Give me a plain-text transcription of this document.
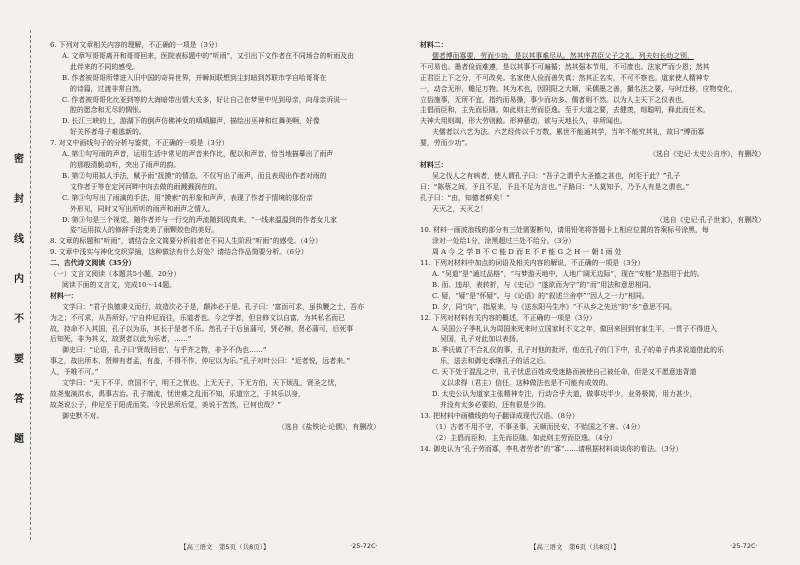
密
封
线
内
不
要
答
题

6. 下列对文章相关内容的理解，不正确的一项是（3分）

A. 文章写哥哥离开和哥哥回来，医院表标题中的“听雨”，又引出下文作者在不同场合的听雨及由

此伴来的不同的感受。

B. 作者被哥哥所带进入旧中国的奇异世界，并瞬间联想到尘封暗到苏联市学自哈哥哥在

的诗篇，过渡非常自然。

C. 作者被哥哥化比亚到等的大海暗带出情大关多，好让自己在梦里中见到母亲，向母亲诉说一

腔的愿念和无尽的惆怅。

D. 长江三峡的上，游湖下的倒声仿佛神女的嗔嗔脚声，描绘出巫神和红舞美啊，好像

好关怀者母子难逃新的。

7. 对文中画线句子的分析与鉴赏，不正确的一项是（3分）

A. 第①句写雨的声音，运用生活中常见的声音来作比，配以和声音，恰当地描摹出了雨声

的那般清脆动听，突出了雨声的韵。

B. 第②句用拟人手法，赋予雨“抚摸”的情态，不仅写出了雨声，而且表现出作者对雨的

文作者于等在定河河畔中向去做的雨溅溅润在的。

C. 第③句写出了雨滴的手法，用“摸索”的形象和声声，表现了作者于情境的那份亲

外形见，同时又写出所听的雨声和雨声之情人。

D. 第③句是三个视觉，随作者并与一行交的声流随到现真来，“一线来温温到的作者女儿家

姿”运用拟人的修辞手法变美了雨颗姣色的美好。

8. 文章的标题和“听雨”，请结合全文简要分析前者在不同人生阶段“听雨”的感受。（4分）

9. 文章中浅实与神化交织穿插，这种做法有什么好处？请结合作品简要分析。（6分）

二、古代诗文阅读（35分）

（一）文言文阅读（本题共5小题，20分）

阅读下面的文言文，完成10～14题。

材料一：

文学曰：“君子执德秉义而行，故造次必于是，颠沛必于是。孔子曰：‘富而可求，虽执鞭之士，吾亦

为之；不可求，从吾所好。’宁自仲尼而往，乐道者也。今之学者，但自修文以自富，为其私名而已

故，持命不入其国，孔子以为乐，其长于是者不乐。然孔子于后虽蒲可，贤必辩，贤必蒲可，后死事

后知死，非为其义，故贤者以此为乐者，……”

御史曰：“论语，孔子曰‘贤哉回也’，与乎齐之物，非予不伪也……”

事之，故出所本，贤辩有者孟，有盖，不得不作，仲尼以为乐。”孔子对叶公曰：“近者悦，远者来。”

人，予唯不可。”

文学曰：“天下不平，庶国不宁，明王之忧也。上无天子，下无方伯，天下烦乱，贤圣之忧，

故尧鬼演洪水，禹事吉治。孔子端流，忧世难之乱而不知，乐道宗之，于其乐以身，

故尧说公子，仲尼至于阳虎而笑。今民思所后觉，美说于苦然，已何也哉？”

御史默不对。

（选自《盐铁论·论儒》，有删改）

材料二：

儒者博而寡要，劳而少功，是以其事难尽从。然其序君臣父子之礼，列夫妇长幼之别，

不可易也。墨者俭而难遵，是以其事不可遍循；然其强本节用，不可废也。法家严而少恩；然其

正君臣上下之分，不可改矣。名家使人俭而善失真；然其正名实，不可不察也。道家使人精神专

一，动合无形，赡足万物。其为术也，因阴阳之大顺，采儒墨之善，撮名法之要，与时迁移，应物变化，

立俗施事，无所不宜，指约而易操，事少而功多。儒者则不然。以为人主天下之仪表也，

主倡而臣和，主先而臣随。如此则主劳而臣逸。至于大道之要，去健羡，绌聪明，释此而任术。

夫神大用则竭，形大劳则敝。形神骚动，欲与天地长久，非所闻也。

夫儒者以六艺为法。六艺经传以千万数，累世不能通其学，当年不能究其礼，故曰“博而寡

要，劳而少功”。

（选自《史记·太史公自序》，有删改）

材料三：

吴之伐人之有病者，使人谓孔子曰：“吾子之谓乎大圣德之甚也，何至于此？”孔子

曰：“陈蔡之间，予且不足，予且不足为言也。”子路曰：“人莫知予，乃予人有是之谓也。”

孔子曰：“由，知德者鲜矣！”

天灭之，天灭之！

（选自《史记·孔子世家》，有删改）

10. 材料一画波浪线的部分有三处需要断句，请用铅笔将答题卡上相应位置的答案标号涂黑，每

涂对一处给1分，涂黑超过三处不给分。（3分）

周 A 今 之 学 B 不 C 能 D 而 E 不 F 能 G 之 H 一 朝 I 雨 处

11. 下列对材料中加点的词语及相关内容的解说，不正确的一项是（3分）

A. “吴道”是“通过品格”，“与梦游天地中，人地广阔无边际”，现在“安能”是指用于此的。

B. 而、违却，表转折，与《史记》“遂欲而为宁”的“而”用法和意思相同。

C. 疑，“疑”是“怀疑”。与《论语》的“叙述兰舍亭”“因人之一力”相同。

D. 夕，同“向”，指原来，与《送东阳马生序》“不从乡之先达”的“乡”意思不同。

12. 下列对材料有关内容的概述，不正确的一项是（3分）

A. 吴国公子季札认为周国来死来时立国家时不文之年，做回来回到官家生平，一贯子不得进入

吴国，孔子对此加以表扬。

B. 季氏做了不合礼仪的事，孔子对他的批评，他在孔子的门下中，孔子的弟子冉求说道借此的乐

乐，送去和御史承继孔子的话之后。

C. 天下处于混乱之中，孔子忧虑百姓成受迷路而被使自己被任命，但是又不愿意违背道

义以求得（君主）信任，这种做法也是不可能有成效的。

D. 太史公认为道家主张精神专注，行动合乎大道，做事功半少，业务极简，用力甚少，

并没有太多必要的，还有很是少的。

13. 把材料中画横线的句子翻译成现代汉语。（8分）

（1）古者不用不守，不事圣事，天顺而民安，不贻国之不害。（4分）

（2）主倡而臣和，主先而臣随。如此则主劳而臣逸。（4分）

14. 御史认为“孔子劳而寡，李札者劳者”的“寡”……请根据材料谈谈你的看法。（3分）

【高三语文　第5页（共8页）】	·25-72C·	【高三语文　第6页（共8页）】	·25-72C·
